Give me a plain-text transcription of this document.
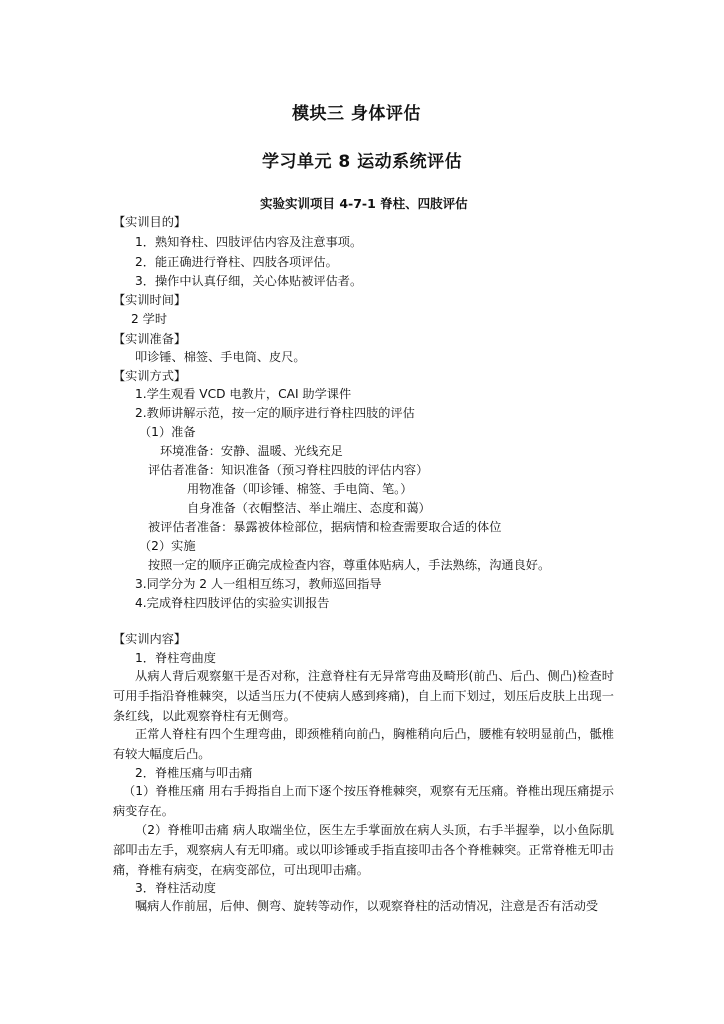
模块三 身体评估
学习单元 8 运动系统评估
实验实训项目 4-7-1 脊柱、四肢评估
【实训目的】
1．熟知脊柱、四肢评估内容及注意事项。
2．能正确进行脊柱、四肢各项评估。
3．操作中认真仔细，关心体贴被评估者。
【实训时间】
2 学时
【实训准备】
叩诊锤、棉签、手电筒、皮尺。
【实训方式】
1.学生观看 VCD 电教片，CAI 助学课件
2.教师讲解示范，按一定的顺序进行脊柱四肢的评估
（1）准备
环境准备：安静、温暖、光线充足
评估者准备：知识准备（预习脊柱四肢的评估内容）
用物准备（叩诊锤、棉签、手电筒、笔。）
自身准备（衣帽整洁、举止端庄、态度和蔼）
被评估者准备：暴露被体检部位，据病情和检查需要取合适的体位
（2）实施
按照一定的顺序正确完成检查内容，尊重体贴病人，手法熟练，沟通良好。
3.同学分为 2 人一组相互练习，教师巡回指导
4.完成脊柱四肢评估的实验实训报告
【实训内容】
1．脊柱弯曲度
从病人背后观察躯干是否对称，注意脊柱有无异常弯曲及畸形(前凸、后凸、侧凸)检查时可用手指沿脊椎棘突，以适当压力(不使病人感到疼痛)，自上而下划过，划压后皮肤上出现一条红线，以此观察脊柱有无侧弯。
正常人脊柱有四个生理弯曲，即颈椎稍向前凸，胸椎稍向后凸，腰椎有较明显前凸，骶椎有较大幅度后凸。
2．脊椎压痛与叩击痛
（1）脊椎压痛 用右手拇指自上而下逐个按压脊椎棘突，观察有无压痛。脊椎出现压痛提示病变存在。
（2）脊椎叩击痛 病人取端坐位，医生左手掌面放在病人头顶，右手半握拳，以小鱼际肌部叩击左手，观察病人有无叩痛。或以叩诊锤或手指直接叩击各个脊椎棘突。正常脊椎无叩击痛，脊椎有病变，在病变部位，可出现叩击痛。
3．脊柱活动度
嘱病人作前屈，后伸、侧弯、旋转等动作，以观察脊柱的活动情况，注意是否有活动受
